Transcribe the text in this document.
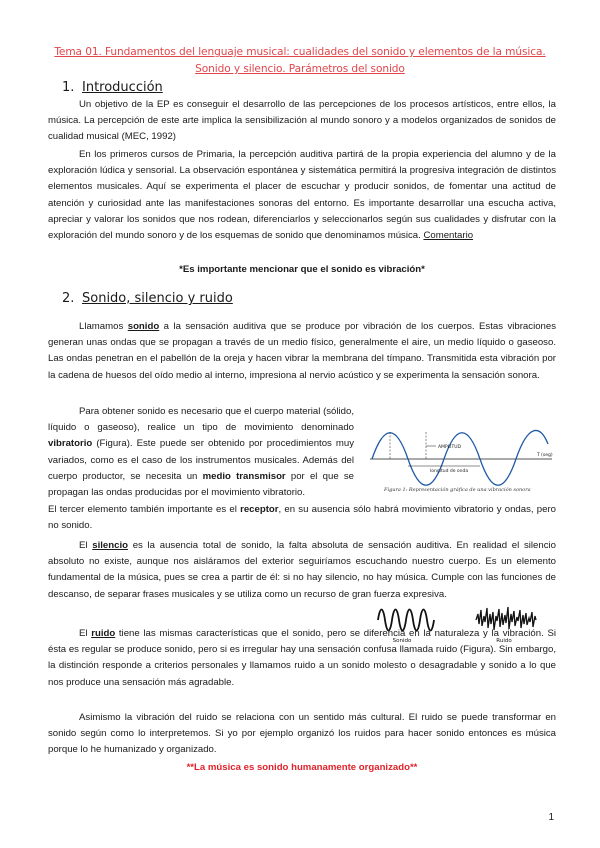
Tema 01. Fundamentos del lenguaje musical: cualidades del sonido y elementos de la música.
Sonido y silencio. Parámetros del sonido
1. Introducción
Un objetivo de la EP es conseguir el desarrollo de las percepciones de los procesos artísticos, entre ellos, la música. La percepción de este arte implica la sensibilización al mundo sonoro y a modelos organizados de sonidos de cualidad musical (MEC, 1992)
En los primeros cursos de Primaria, la percepción auditiva partirá de la propia experiencia del alumno y de la exploración lúdica y sensorial. La observación espontánea y sistemática permitirá la progresiva integración de distintos elementos musicales. Aquí se experimenta el placer de escuchar y producir sonidos, de fomentar una actitud de atención y curiosidad ante las manifestaciones sonoras del entorno. Es importante desarrollar una escucha activa, apreciar y valorar los sonidos que nos rodean, diferenciarlos y seleccionarlos según sus cualidades y disfrutar con la exploración del mundo sonoro y de los esquemas de sonido que denominamos música. Comentario
*Es importante mencionar que el sonido es vibración*
2. Sonido, silencio y ruido
Llamamos sonido a la sensación auditiva que se produce por vibración de los cuerpos. Estas vibraciones generan unas ondas que se propagan a través de un medio físico, generalmente el aire, un medio líquido o gaseoso. Las ondas penetran en el pabellón de la oreja y hacen vibrar la membrana del tímpano. Transmitida esta vibración por la cadena de huesos del oído medio al interno, impresiona al nervio acústico y se experimenta la sensación sonora.
Para obtener sonido es necesario que el cuerpo material (sólido, líquido o gaseoso), realice un tipo de movimiento denominado vibratorio (Figura). Este puede ser obtenido por procedimientos muy variados, como es el caso de los instrumentos musicales. Además del cuerpo productor, se necesita un medio transmisor por el que se propagan las ondas producidas por el movimiento vibratorio.
AMPLITUD
longitud de onda
T (seg)
Figura 1: Representación gráfica de una vibración sonora
El tercer elemento también importante es el receptor, en su ausencia sólo habrá movimiento vibratorio y ondas, pero no sonido.
El silencio es la ausencia total de sonido, la falta absoluta de sensación auditiva. En realidad el silencio absoluto no existe, aunque nos aisláramos del exterior seguiríamos escuchando nuestro cuerpo. Es un elemento fundamental de la música, pues se crea a partir de él: si no hay silencio, no hay música. Cumple con las funciones de descanso, de separar frases musicales y se utiliza como un recurso de gran fuerza expresiva.
Sonido	Ruido
El ruido tiene las mismas características que el sonido, pero se diferencia en la naturaleza y la vibración. Si ésta es regular se produce sonido, pero si es irregular hay una sensación confusa llamada ruido (Figura). Sin embargo, la distinción responde a criterios personales y llamamos ruido a un sonido molesto o desagradable y sonido a lo que nos produce una sensación más agradable.
Asimismo la vibración del ruido se relaciona con un sentido más cultural. El ruido se puede transformar en sonido según como lo interpretemos. Si yo por ejemplo organizó los ruidos para hacer sonido entonces es música porque lo he humanizado y organizado.
**La música es sonido humanamente organizado**
1
